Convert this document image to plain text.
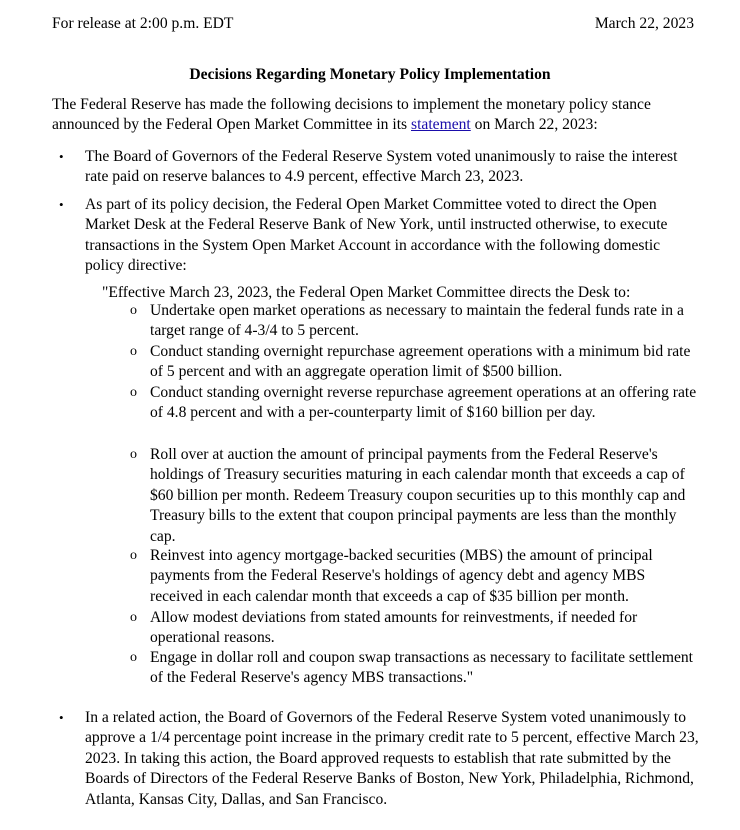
For release at 2:00 p.m. EDT	March 22, 2023
Decisions Regarding Monetary Policy Implementation
The Federal Reserve has made the following decisions to implement the monetary policy stance announced by the Federal Open Market Committee in its statement on March 22, 2023:
• The Board of Governors of the Federal Reserve System voted unanimously to raise the interest rate paid on reserve balances to 4.9 percent, effective March 23, 2023.
• As part of its policy decision, the Federal Open Market Committee voted to direct the Open Market Desk at the Federal Reserve Bank of New York, until instructed otherwise, to execute transactions in the System Open Market Account in accordance with the following domestic policy directive:
"Effective March 23, 2023, the Federal Open Market Committee directs the Desk to:
o Undertake open market operations as necessary to maintain the federal funds rate in a target range of 4-3/4 to 5 percent.
o Conduct standing overnight repurchase agreement operations with a minimum bid rate of 5 percent and with an aggregate operation limit of $500 billion.
o Conduct standing overnight reverse repurchase agreement operations at an offering rate of 4.8 percent and with a per-counterparty limit of $160 billion per day.
o Roll over at auction the amount of principal payments from the Federal Reserve's holdings of Treasury securities maturing in each calendar month that exceeds a cap of $60 billion per month. Redeem Treasury coupon securities up to this monthly cap and Treasury bills to the extent that coupon principal payments are less than the monthly cap.
o Reinvest into agency mortgage-backed securities (MBS) the amount of principal payments from the Federal Reserve's holdings of agency debt and agency MBS received in each calendar month that exceeds a cap of $35 billion per month.
o Allow modest deviations from stated amounts for reinvestments, if needed for operational reasons.
o Engage in dollar roll and coupon swap transactions as necessary to facilitate settlement of the Federal Reserve's agency MBS transactions."
• In a related action, the Board of Governors of the Federal Reserve System voted unanimously to approve a 1/4 percentage point increase in the primary credit rate to 5 percent, effective March 23, 2023. In taking this action, the Board approved requests to establish that rate submitted by the Boards of Directors of the Federal Reserve Banks of Boston, New York, Philadelphia, Richmond, Atlanta, Kansas City, Dallas, and San Francisco.
